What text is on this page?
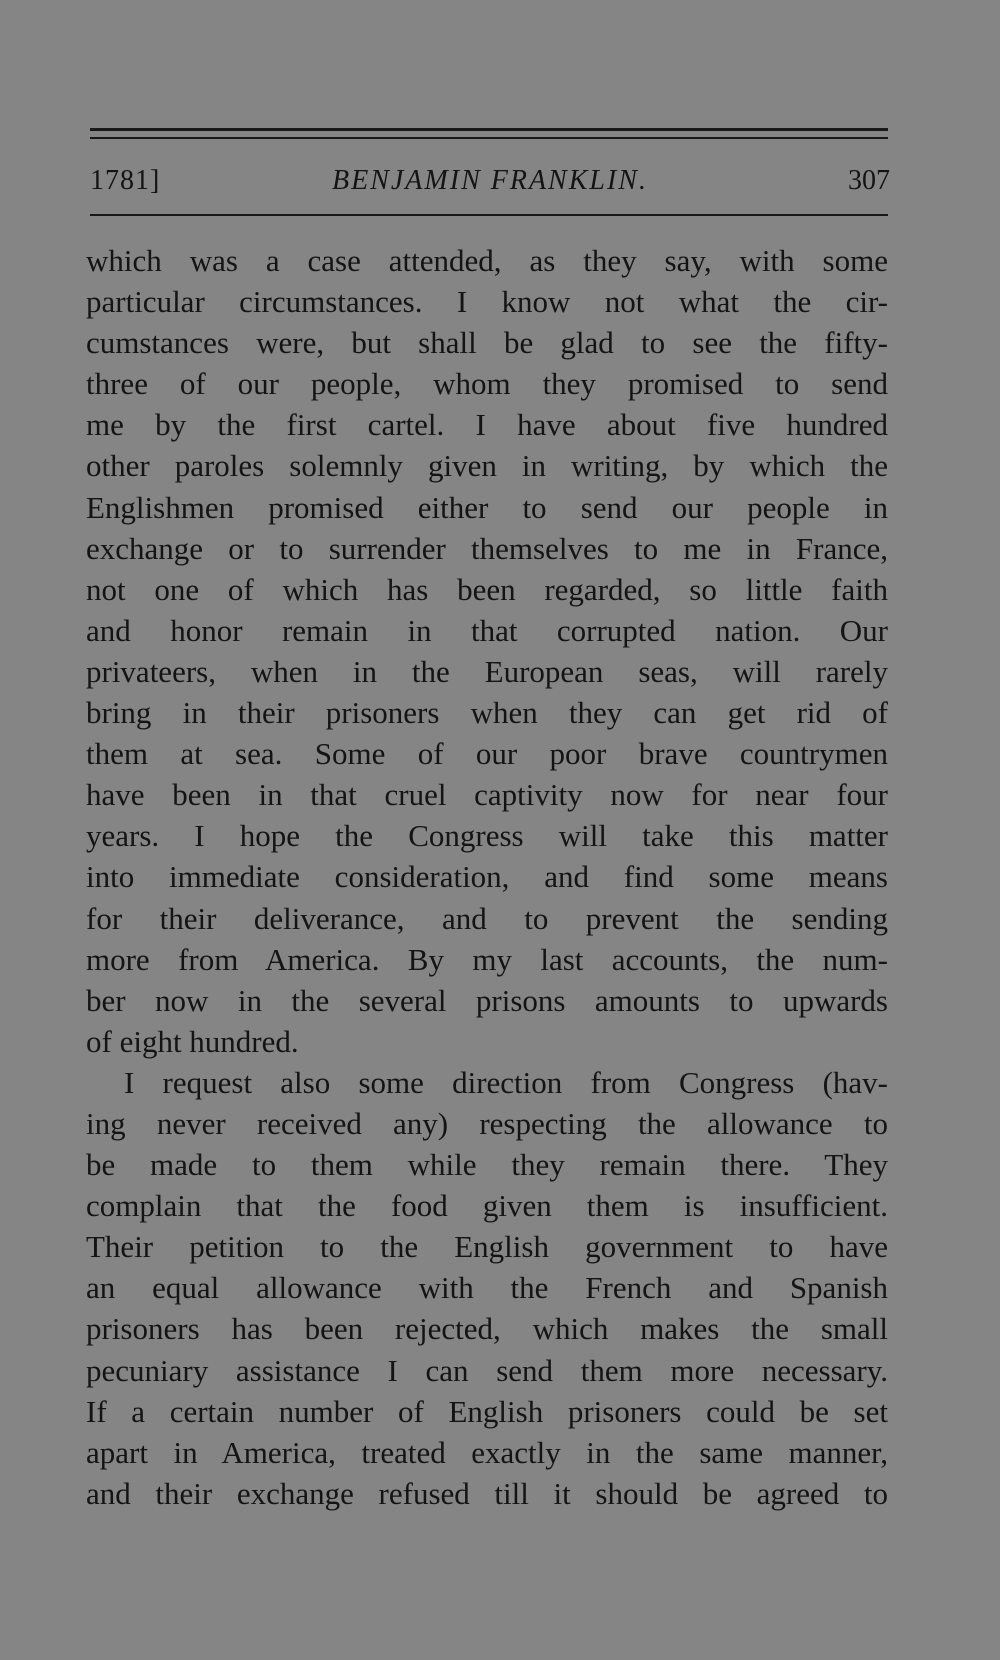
1781]	BENJAMIN FRANKLIN.	307
which was a case attended, as they say, with some
particular circumstances. I know not what the cir-
cumstances were, but shall be glad to see the fifty-
three of our people, whom they promised to send
me by the first cartel. I have about five hundred
other paroles solemnly given in writing, by which the
Englishmen promised either to send our people in
exchange or to surrender themselves to me in France,
not one of which has been regarded, so little faith
and honor remain in that corrupted nation. Our
privateers, when in the European seas, will rarely
bring in their prisoners when they can get rid of
them at sea. Some of our poor brave countrymen
have been in that cruel captivity now for near four
years. I hope the Congress will take this matter
into immediate consideration, and find some means
for their deliverance, and to prevent the sending
more from America. By my last accounts, the num-
ber now in the several prisons amounts to upwards
of eight hundred.
I request also some direction from Congress (hav-
ing never received any) respecting the allowance to
be made to them while they remain there. They
complain that the food given them is insufficient.
Their petition to the English government to have
an equal allowance with the French and Spanish
prisoners has been rejected, which makes the small
pecuniary assistance I can send them more necessary.
If a certain number of English prisoners could be set
apart in America, treated exactly in the same manner,
and their exchange refused till it should be agreed to
